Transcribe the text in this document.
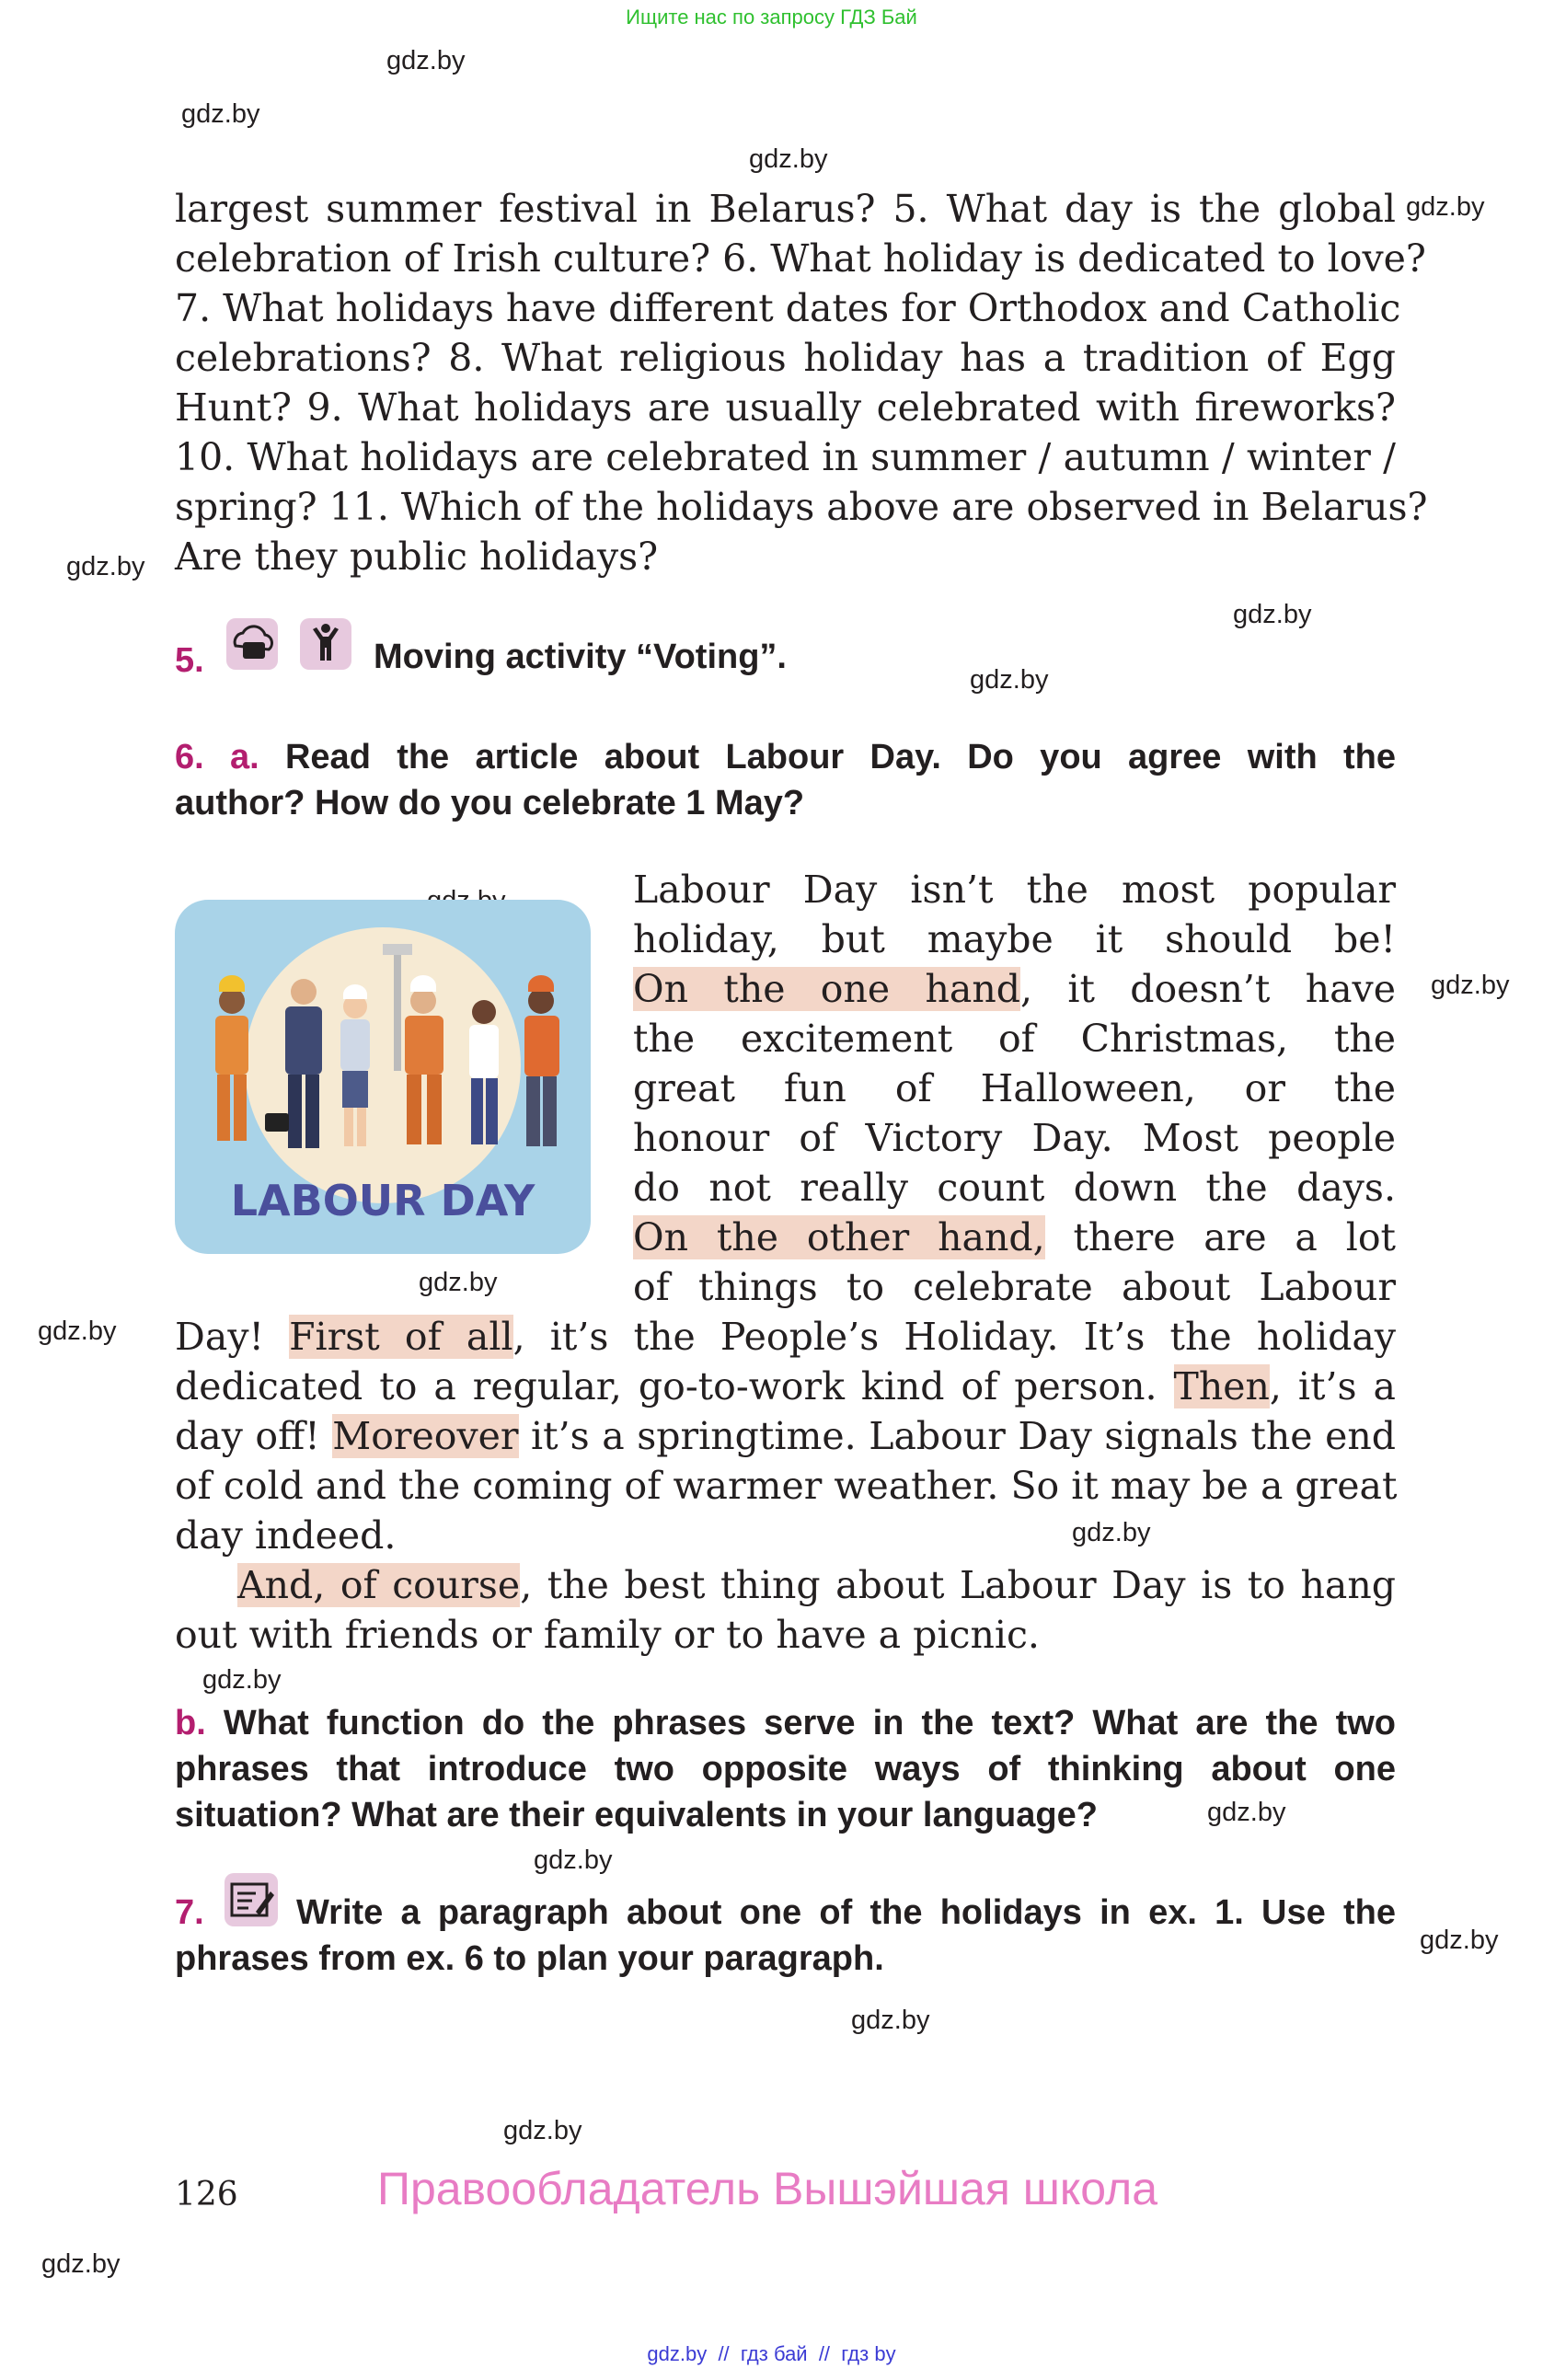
Ищите нас по запросу ГДЗ Бай
gdz.by
gdz.by
gdz.by
gdz.by
gdz.by
gdz.by
gdz.by
gdz.by
gdz.by
gdz.by
gdz.by
gdz.by
gdz.by
gdz.by
gdz.by
gdz.by
gdz.by
gdz.by
largest summer festival in Belarus? 5. What day is the global
celebration of Irish culture? 6. What holiday is dedicated to love?
7. What holidays have different dates for Orthodox and Catholic
celebrations? 8. What religious holiday has a tradition of Egg
Hunt? 9. What holidays are usually celebrated with fireworks?
10. What holidays are celebrated in summer / autumn / winter /
spring? 11. Which of the holidays above are observed in Belarus?
Are they public holidays?
5.	Moving activity “Voting”.
6. a. Read the article about Labour Day. Do you agree with the
author? How do you celebrate 1 May?
LABOUR DAY
Labour Day isn’t the most popular
holiday, but maybe it should be!
On the one hand, it doesn’t have
the excitement of Christmas, the
great fun of Halloween, or the
honour of Victory Day. Most people
do not really count down the days.
On the other hand, there are a lot
of things to celebrate about Labour
Day! First of all, it’s the People’s Holiday. It’s the holiday
dedicated to a regular, go-to-work kind of person. Then, it’s a
day off! Moreover it’s a springtime. Labour Day signals the end
of cold and the coming of warmer weather. So it may be a great
day indeed.
And, of course, the best thing about Labour Day is to hang
out with friends or family or to have a picnic.
b. What function do the phrases serve in the text? What are the two
phrases that introduce two opposite ways of thinking about one
situation? What are their equivalents in your language?
7.	Write a paragraph about one of the holidays in ex. 1. Use the
phrases from ex. 6 to plan your paragraph.
126	Правообладатель Вышэйшая школа
gdz.by  //  гдз бай  //  гдз by
